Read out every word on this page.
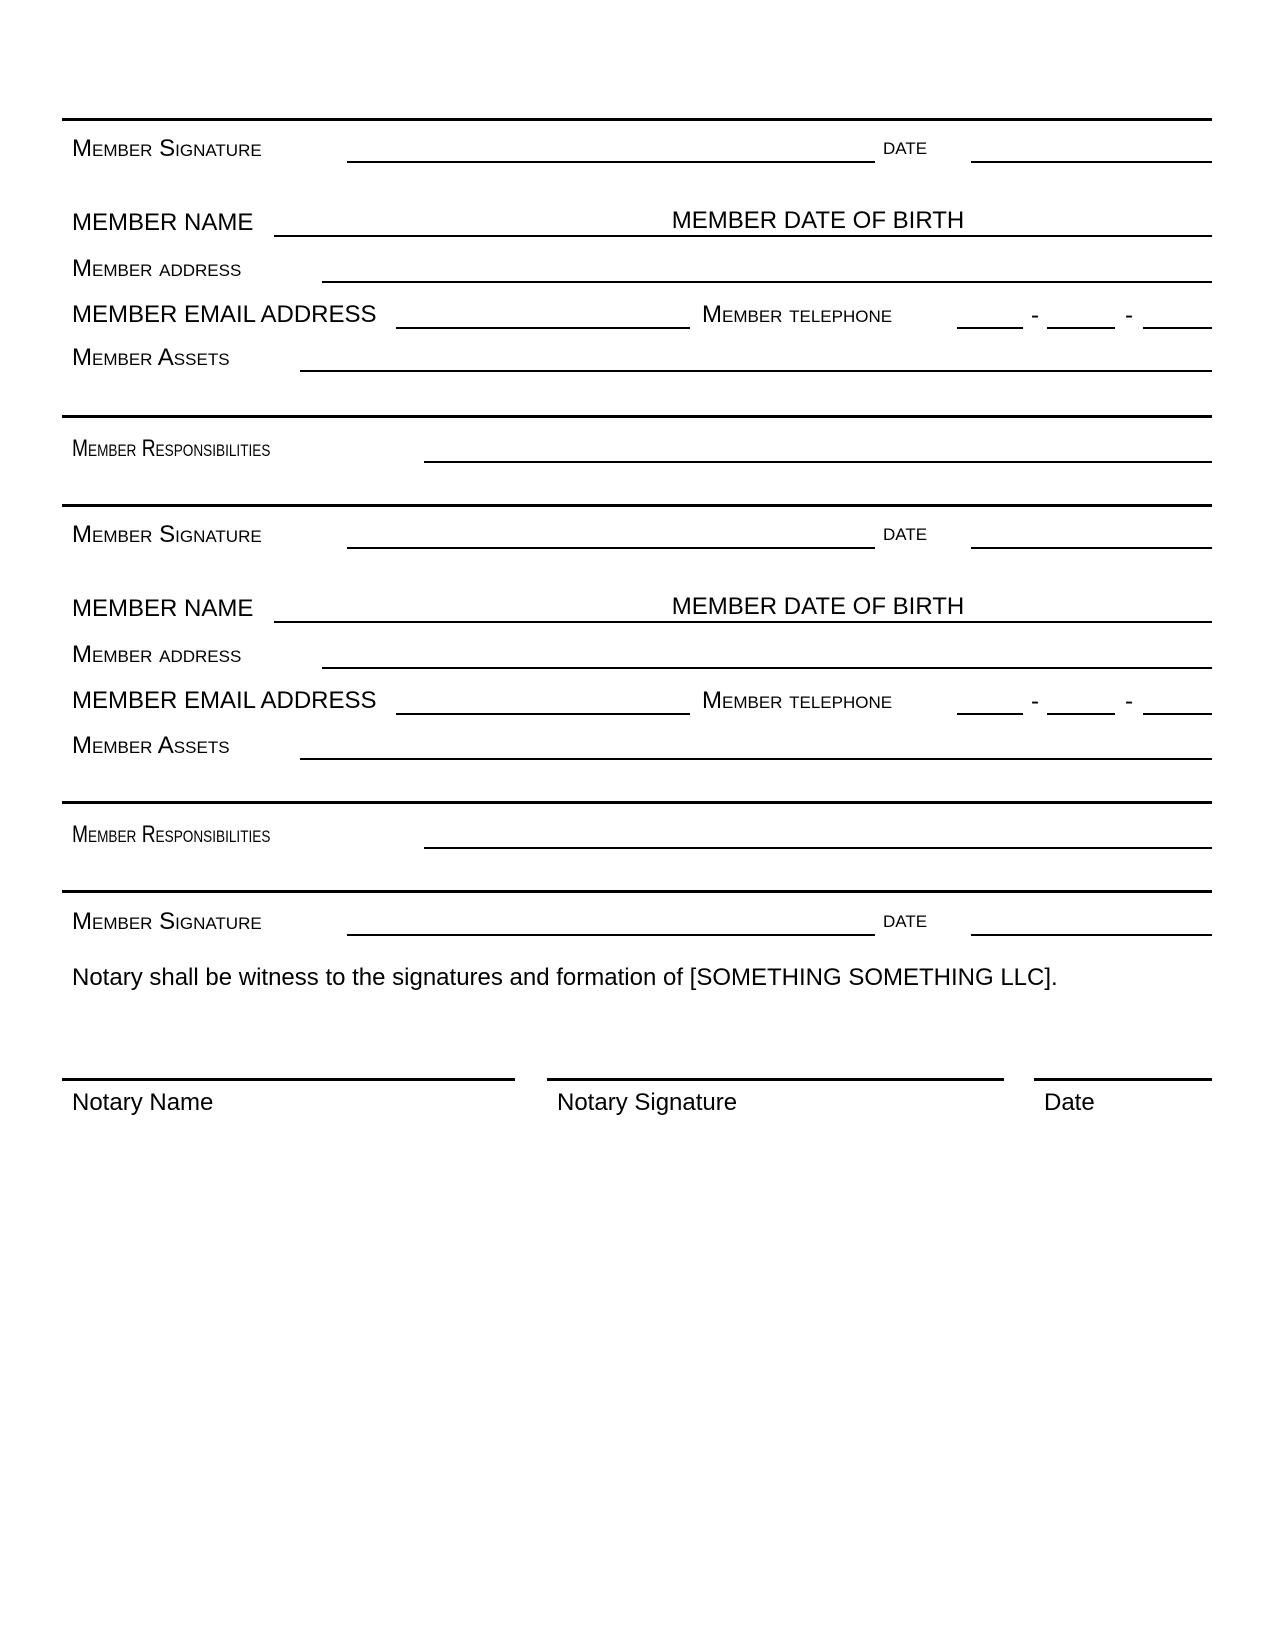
Member Signature	DATE
MEMBER NAME	MEMBER DATE OF BIRTH
Member address
MEMBER EMAIL ADDRESS	Member telephone	-	-
Member Assets
Member Responsibilities
Member Signature	DATE
MEMBER NAME	MEMBER DATE OF BIRTH
Member address
MEMBER EMAIL ADDRESS	Member telephone	-	-
Member Assets
Member Responsibilities
Member Signature	DATE
Notary shall be witness to the signatures and formation of [SOMETHING SOMETHING LLC].
Notary Name	Notary Signature	Date
